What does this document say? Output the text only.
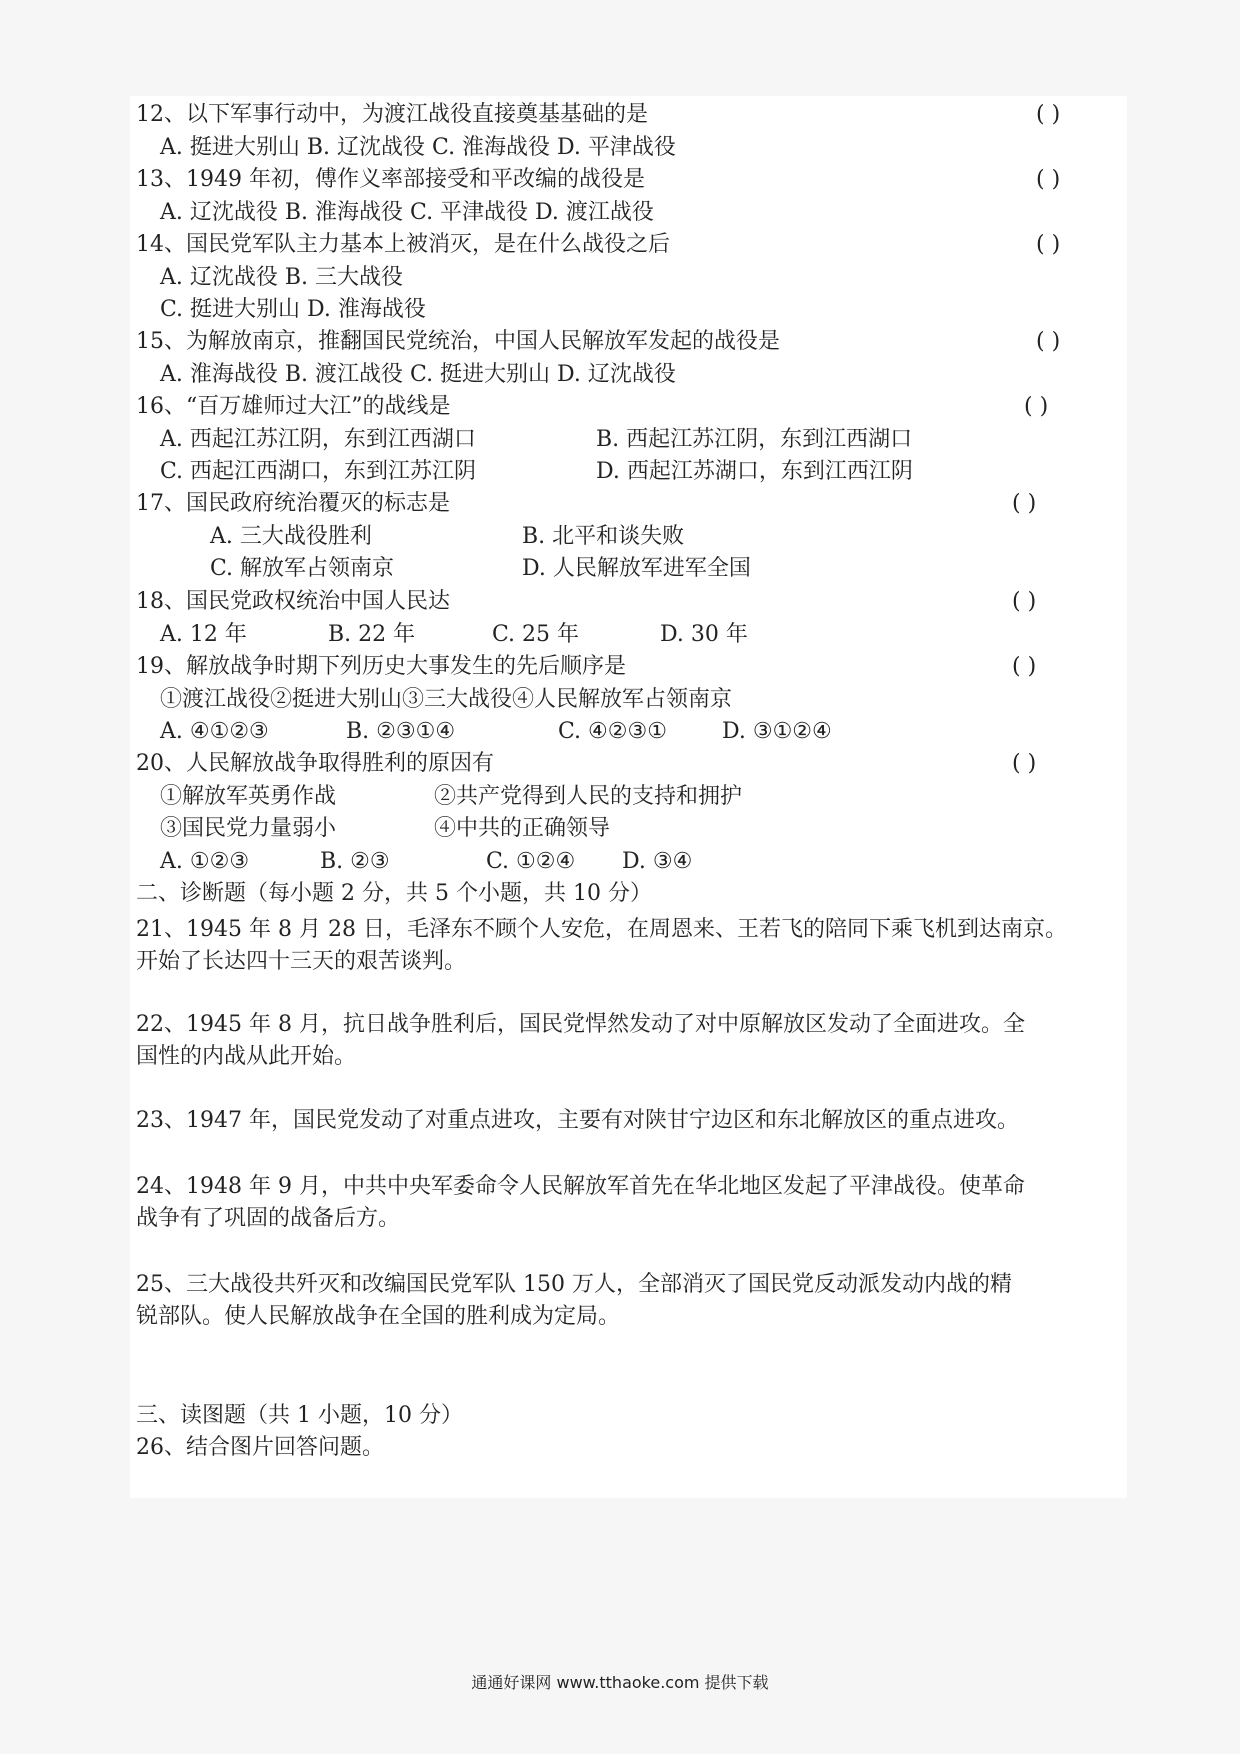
12、以下军事行动中，为渡江战役直接奠基基础的是	( )
A. 挺进大别山 B. 辽沈战役 C. 淮海战役 D. 平津战役
13、1949 年初，傅作义率部接受和平改编的战役是	( )
A. 辽沈战役 B. 淮海战役 C. 平津战役 D. 渡江战役
14、国民党军队主力基本上被消灭，是在什么战役之后	( )
A. 辽沈战役 B. 三大战役
C. 挺进大别山 D. 淮海战役
15、为解放南京，推翻国民党统治，中国人民解放军发起的战役是	( )
A. 淮海战役 B. 渡江战役 C. 挺进大别山 D. 辽沈战役
16、“百万雄师过大江”的战线是	( )
A. 西起江苏江阴，东到江西湖口	B. 西起江苏江阴，东到江西湖口
C. 西起江西湖口，东到江苏江阴	D. 西起江苏湖口，东到江西江阴
17、国民政府统治覆灭的标志是	( )
A. 三大战役胜利	B. 北平和谈失败
C. 解放军占领南京	D. 人民解放军进军全国
18、国民党政权统治中国人民达	( )
A. 12 年	B. 22 年	C. 25 年	D. 30 年
19、解放战争时期下列历史大事发生的先后顺序是	( )
①渡江战役②挺进大别山③三大战役④人民解放军占领南京
A. ④①②③	B. ②③①④	C. ④②③①	D. ③①②④
20、人民解放战争取得胜利的原因有	( )
①解放军英勇作战	②共产党得到人民的支持和拥护
③国民党力量弱小	④中共的正确领导
A. ①②③	B. ②③	C. ①②④ D. ③④
二、诊断题（每小题 2 分，共 5 个小题，共 10 分）
21、1945 年 8 月 28 日，毛泽东不顾个人安危，在周恩来、王若飞的陪同下乘飞机到达南京。
开始了长达四十三天的艰苦谈判。
22、1945 年 8 月，抗日战争胜利后，国民党悍然发动了对中原解放区发动了全面进攻。全
国性的内战从此开始。
23、1947 年，国民党发动了对重点进攻，主要有对陕甘宁边区和东北解放区的重点进攻。
24、1948 年 9 月，中共中央军委命令人民解放军首先在华北地区发起了平津战役。使革命
战争有了巩固的战备后方。
25、三大战役共歼灭和改编国民党军队 150 万人，全部消灭了国民党反动派发动内战的精
锐部队。使人民解放战争在全国的胜利成为定局。
三、读图题（共 1 小题，10 分）
26、结合图片回答问题。
通通好课网 www.tthaoke.com 提供下载
